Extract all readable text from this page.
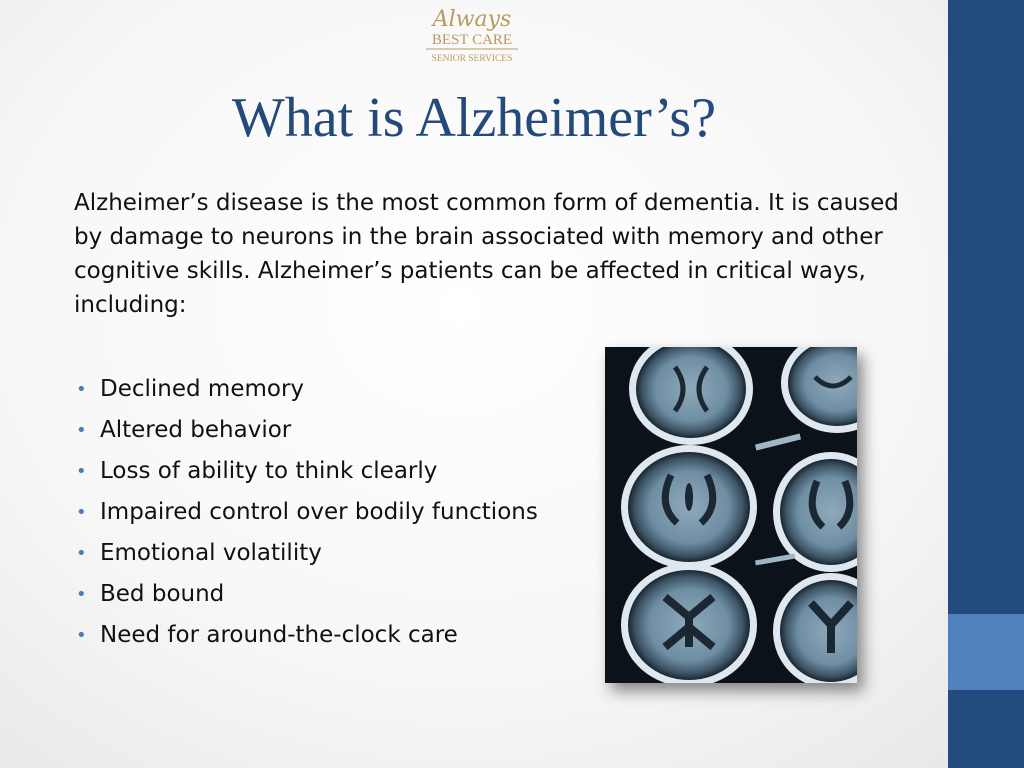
Always
BEST CARE
SENIOR SERVICES
What is Alzheimer’s?

Alzheimer’s disease is the most common form of dementia. It is caused by damage to neurons in the brain associated with memory and other cognitive skills. Alzheimer’s patients can be affected in critical ways, including:

• Declined memory
• Altered behavior
• Loss of ability to think clearly
• Impaired control over bodily functions
• Emotional volatility
• Bed bound
• Need for around-the-clock care
